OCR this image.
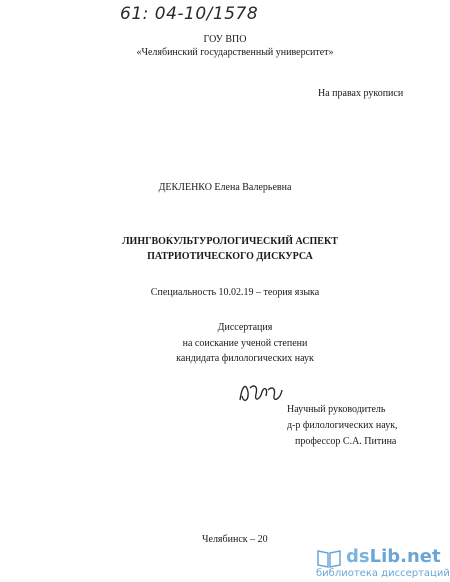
61: 04-10/1578
ГОУ ВПО
«Челябинский государственный университет»
На правах рукописи
ДЕКЛЕНКО Елена Валерьевна
ЛИНГВОКУЛЬТУРОЛОГИЧЕСКИЙ АСПЕКТ
ПАТРИОТИЧЕСКОГО ДИСКУРСА
Специальность 10.02.19 – теория языка
Диссертация
на соискание ученой степени
кандидата филологических наук
Научный руководитель
д-р филологических наук,
профессор С.А. Питина
Челябинск – 20
dsLib.net
библиотека диссертаций
